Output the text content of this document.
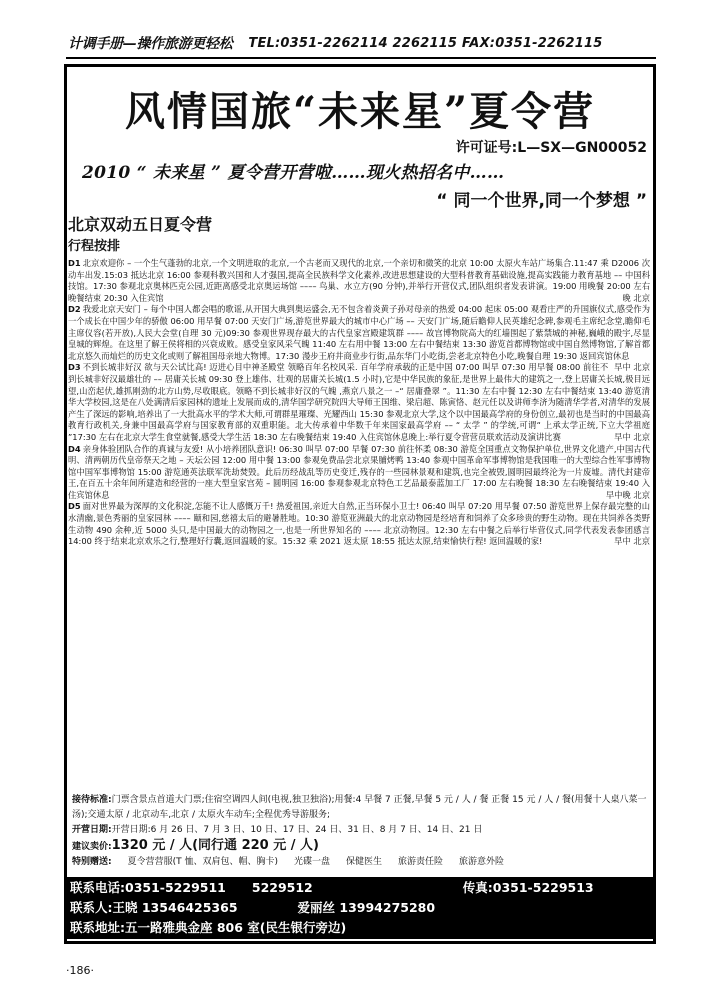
计调手册—操作旅游更轻松 TEL:0351-2262114 2262115 FAX:0351-2262115
风情国旅“未来星”夏令营
许可证号:L—SX—GN00052
2010 “ 未来星 ” 夏令营开营啦……现火热招名中……
“ 同一个世界,同一个梦想 ”
北京双动五日夏令营
行程按排

D1 北京欢迎你 – 一个生气蓬勃的北京,一个文明进取的北京,一个古老而又现代的北京,一个亲切和微笑的北京 10:00 太原火车站广场集合.11:47 乘 D2006 次动车出发.15:03 抵达北京 16:00 参观科教兴国和人才强国,提高全民族科学文化素养,改进思想建设的大型科普教育基础设施,提高实践能力教育基地 –– 中国科技馆。17:30 参观北京奥林匹克公园,近距离感受北京奥运场馆 –––– 鸟巢、水立方(90 分钟),并举行开营仪式,团队组织者发表讲演。19:00 用晚餐 20:00 左右晚餐结束 20:30 入住宾馆	晚 北京

D2 我爱北京天安门 – 每个中国人都会唱的歌谣,从开国大典到奥运盛会,无不包含着炎黄子孙对母亲的热爱 04:00 起床 05:00 观看庄严的升国旗仪式,感受作为一个成长在中国少年的骄傲 06:00 用早餐 07:00 天安门广场,游览世界最大的城市中心广场 –– 天安门广场,随后瞻仰人民英雄纪念碑,参观毛主席纪念堂,瞻仰毛主席仪容(若开放),人民大会堂(自理 30 元)09:30 参观世界现存最大的古代皇家宫殿建筑群 –––– 故宫博物院高大的红墙围起了紫禁城的神秘,巍峨的殿宇,尽显皇城的辉煌。在这里了解王侯将相的兴衰成败。感受皇家风采气魄 11:40 左右用中餐 13:00 左右中餐结束 13:30 游览首都博物馆或中国自然博物馆,了解首都北京悠久而灿烂的历史文化或则了解祖国母亲地大物博。17:30 漫步王府井商业步行街,品东华门小吃街,尝老北京特色小吃,晚餐自理 19:30 返回宾馆休息
早中 北京

D3 不到长城非好汉 欲与天公试比高! 迈进心目中神圣殿堂 领略百年名校风采. 百年学府承载的正是中国 07:00 叫早 07:30 用早餐 08:00 前往不到长城非好汉最雄壮的 –– 居庸关长城 09:30 登上雄伟、壮观的居庸关长城(1.5 小时),它是中华民族的象征,是世界上最伟大的建筑之一,登上居庸关长城,极目远望,山峦起伏,雄抓刚劲的北方山势,尽收眼底。领略不到长城非好汉的气魄 ,燕京八景之一 –“ 居庸叠翠 ”。11:30 左右中餐 12:30 左右中餐结束 13:40 游览清华大学校园,这是在八处满清后家园林的遗址上发展而成的,清华国学研究院四大导师王国维、梁启超、陈寅恪、赵元任以及讲师李济为随清华学者,对清华的发展产生了深远的影响,培养出了一大批高水平的学术大师,可谓群星璀璨、光耀西山 15:30 参观北京大学,这个以中国最高学府的身份创立,最初也是当时的中国最高教育行政机关,身兼中国最高学府与国家教育部的双重职能。北大传承着中华数千年来国家最高学府 –– “ 太学 ” 的学统,可谓“ 上承太学正统,下立大学祖庭 ”17:30 左右在北京大学生食堂就餐,感受大学生活 18:30 左右晚餐结束 19:40 入住宾馆休息晚上:举行夏令营营员联欢活动及演讲比赛	早中 北京

D4 亲身体验团队合作的真诚与友爱! 从小培养团队意识! 06:30 叫早 07:00 早餐 07:30 前往怀柔 08:30 游览全国重点文物保护单位,世界文化遗产,中国古代明、清两朝历代皇帝祭天之地 – 天坛公园 12:00 用中餐 13:00 参观免费品尝北京果脯烤鸭 13:40 参观中国革命军事博物馆是我国唯一的大型综合性军事博物馆中国军事博物馆 15:00 游览通英法联军洗劫焚毁。此后历经战乱等历史变迁,残存的一些园林景观和建筑,也完全被毁,圆明园最终沦为一片废墟。清代封建帝王,在百五十余年间所建造和经营的一座大型皇家宫苑 – 圆明园 16:00 参观参观北京特色工艺品最泰蓝加工厂 17:00 左右晚餐 18:30 左右晚餐结束 19:40 入住宾馆休息	早中晚 北京

D5 面对世界最为深厚的文化积淀,怎能不让人感慨万千! 热爱祖国,亲近大自然,正当环保小卫士! 06:40 叫早 07:20 用早餐 07:50 游览世界上保存最完整的山水清幽,景色秀丽的皇家园林 –––– 颐和园,慈禧太后的避暑胜地。10:30 游览亚洲最大的北京动物园是经培育和饲养了众多珍贵的野生动物。现在共饲养各类野生动物 490 余种,近 5000 头只,是中国最大的动物园之一,也是一所世界知名的 –––– 北京动物园。12:30 左右中餐之后举行毕营仪式,同学代表发表参团感言 14:00 终于结束北京欢乐之行,整理好行囊,返回温暖的家。15:32 乘 2021 返太原 18:55 抵达太原,结束愉快行程! 返回温暖的家!	早中 北京

接待标准:门票含景点首道大门票;住宿空调四人间(电视,独卫独浴);用餐:4 早餐 7 正餐,早餐 5 元 / 人 / 餐 正餐 15 元 / 人 / 餐(用餐十人桌八菜一汤);交通太原 / 北京动车,北京 / 太原火车动车;全程优秀导游服务;
开营日期:开营日期:6 月 26 日、7 月 3 日、10 日、17 日、24 日、31 日、8 月 7 日、14 日、21 日
建议卖价:1320 元 / 人(同行通 220 元 / 人)
特别赠送: 夏令营营服(T 恤、双肩包、帽、胸卡) 光碟一盘 保健医生 旅游责任险 旅游意外险
联系电话: 0351-5229511 5229512	传真: 0351-5229513
联系人: 王晓 13546425365	爱丽丝 13994275280
联系地址: 五一路雅典金座 806 室(民生银行旁边)
·186·
